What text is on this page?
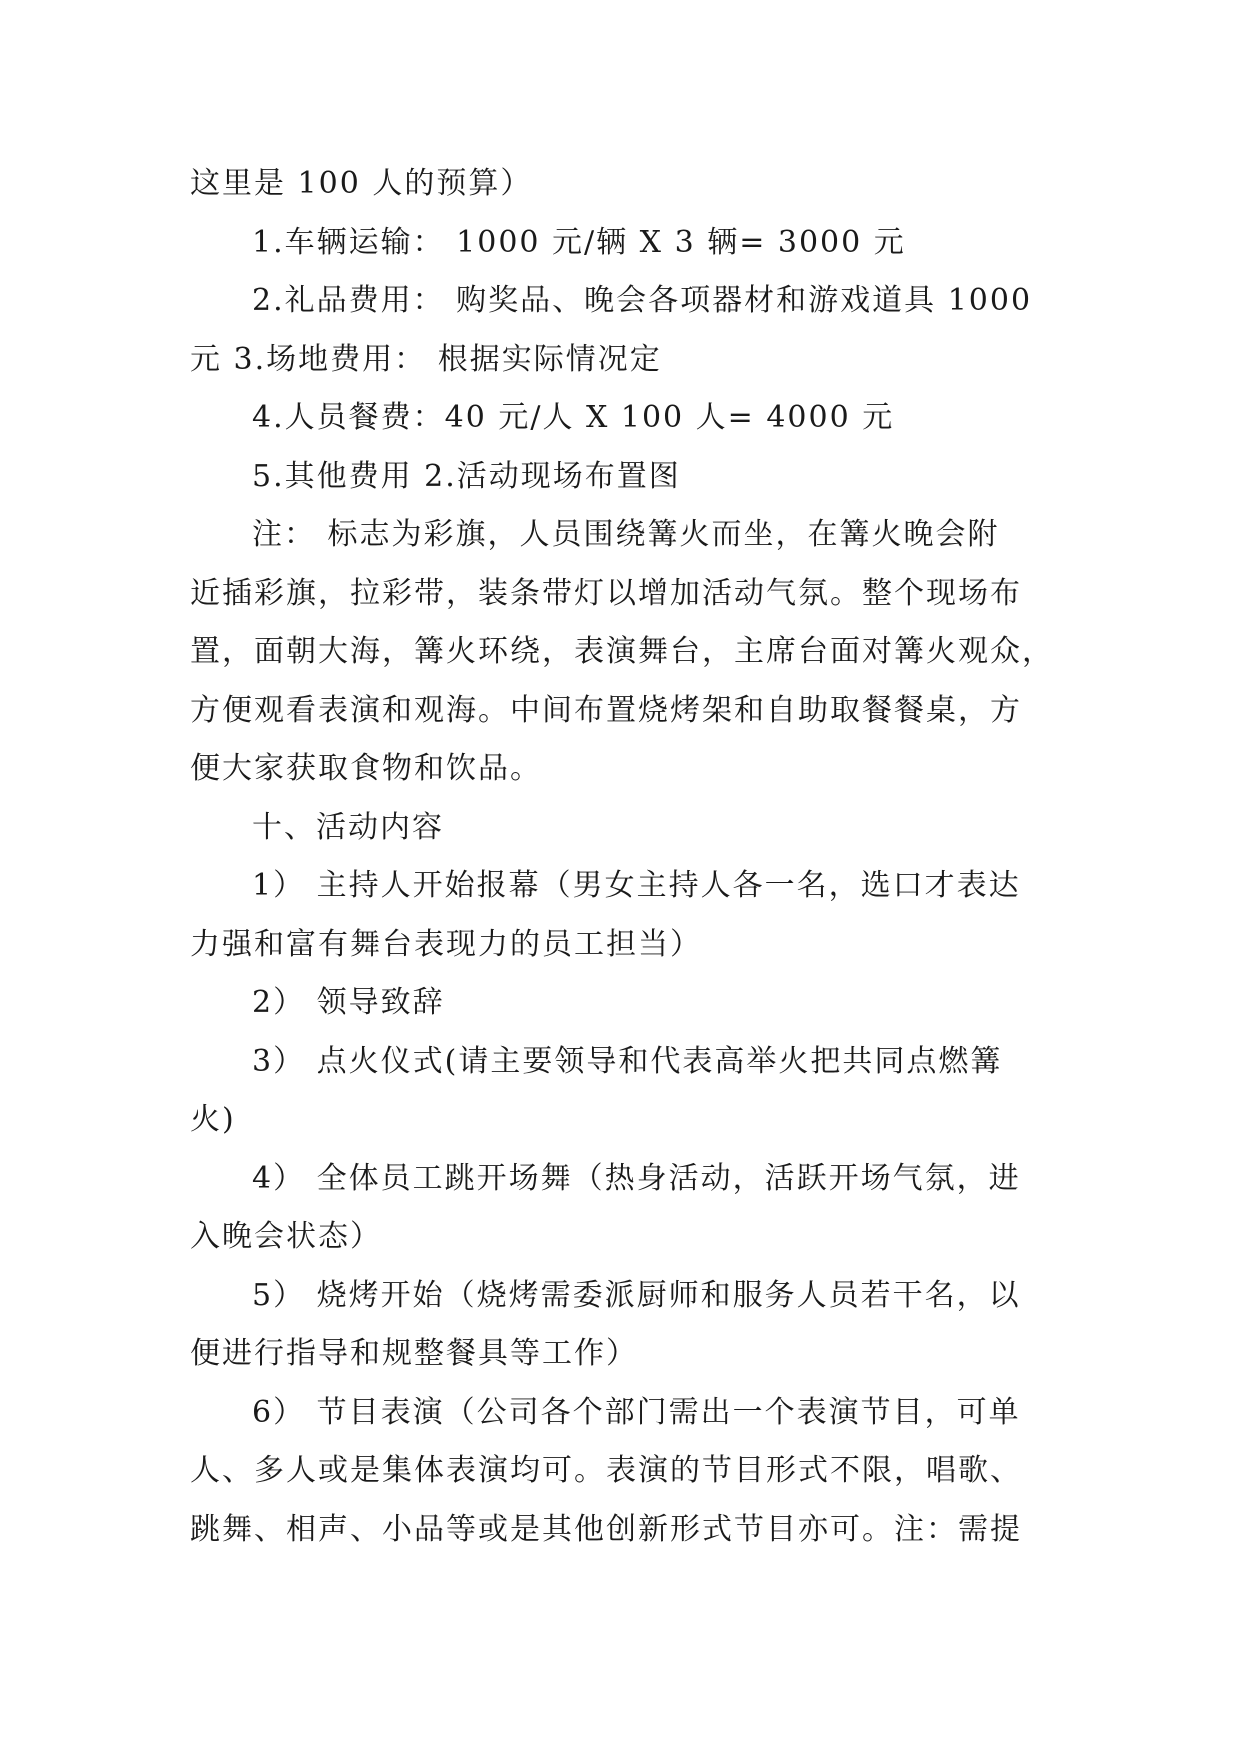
这里是 100 人的预算）
1.车辆运输： 1000 元/辆 X 3 辆= 3000 元
2.礼品费用： 购奖品、晚会各项器材和游戏道具 1000
元 3.场地费用： 根据实际情况定
4.人员餐费：40 元/人 X 100 人= 4000 元
5.其他费用 2.活动现场布置图
注： 标志为彩旗，人员围绕篝火而坐，在篝火晚会附
近插彩旗，拉彩带，装条带灯以增加活动气氛。整个现场布
置，面朝大海，篝火环绕，表演舞台，主席台面对篝火观众，
方便观看表演和观海。中间布置烧烤架和自助取餐餐桌，方
便大家获取食物和饮品。
十、活动内容
1） 主持人开始报幕（男女主持人各一名，选口才表达
力强和富有舞台表现力的员工担当）
2） 领导致辞
3） 点火仪式(请主要领导和代表高举火把共同点燃篝
火)
4） 全体员工跳开场舞（热身活动，活跃开场气氛，进
入晚会状态）
5） 烧烤开始（烧烤需委派厨师和服务人员若干名，以
便进行指导和规整餐具等工作）
6） 节目表演（公司各个部门需出一个表演节目，可单
人、多人或是集体表演均可。表演的节目形式不限，唱歌、
跳舞、相声、小品等或是其他创新形式节目亦可。注：需提
